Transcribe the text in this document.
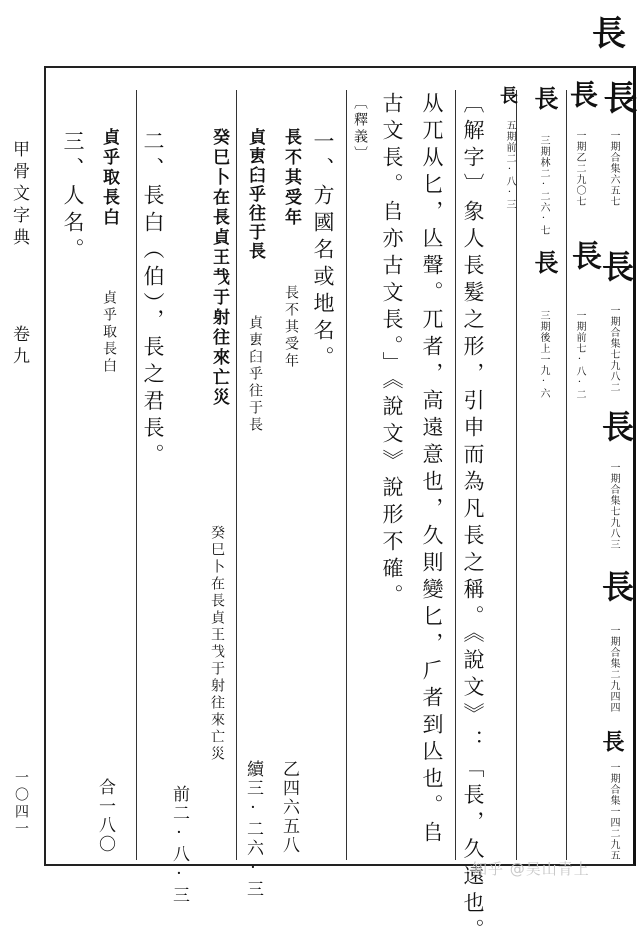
長
甲骨文字典
卷九
一〇四一
長
一期合集六五七
長
一期合集七九八二
長
一期合集七九八三
長
一期合集二九四四
長
一期合集一四二九五
長
一期乙二九〇七
長
一期前七·八·二
長
三期林二·二六·七
長
三期後上一九·六
長
五期前二·八·三
〔解字〕象人長髮之形，引申而為凡長之稱。《說文》：「長，久遠也。
从兀从匕，亾聲。兀者，高遠意也，久則變匕，𠂆者到亾也。𠂤
古文長。𠂤亦古文長。」《說文》說形不確。
〔釋義〕
一、方國名或地名。
長不其受年
長不其受年
乙四六五八
貞叀𦥑乎往于長
貞叀𦥑乎往于長
續三·二六·三
癸巳卜在長貞王𢦏于射往來亡災
癸巳卜在長貞王𢦏于射往來亡災
前二·八·三
二、長白（伯），長之君長。
貞乎取長白
貞乎取長白
合一八〇
三、人名。
知乎 @吴山青上
